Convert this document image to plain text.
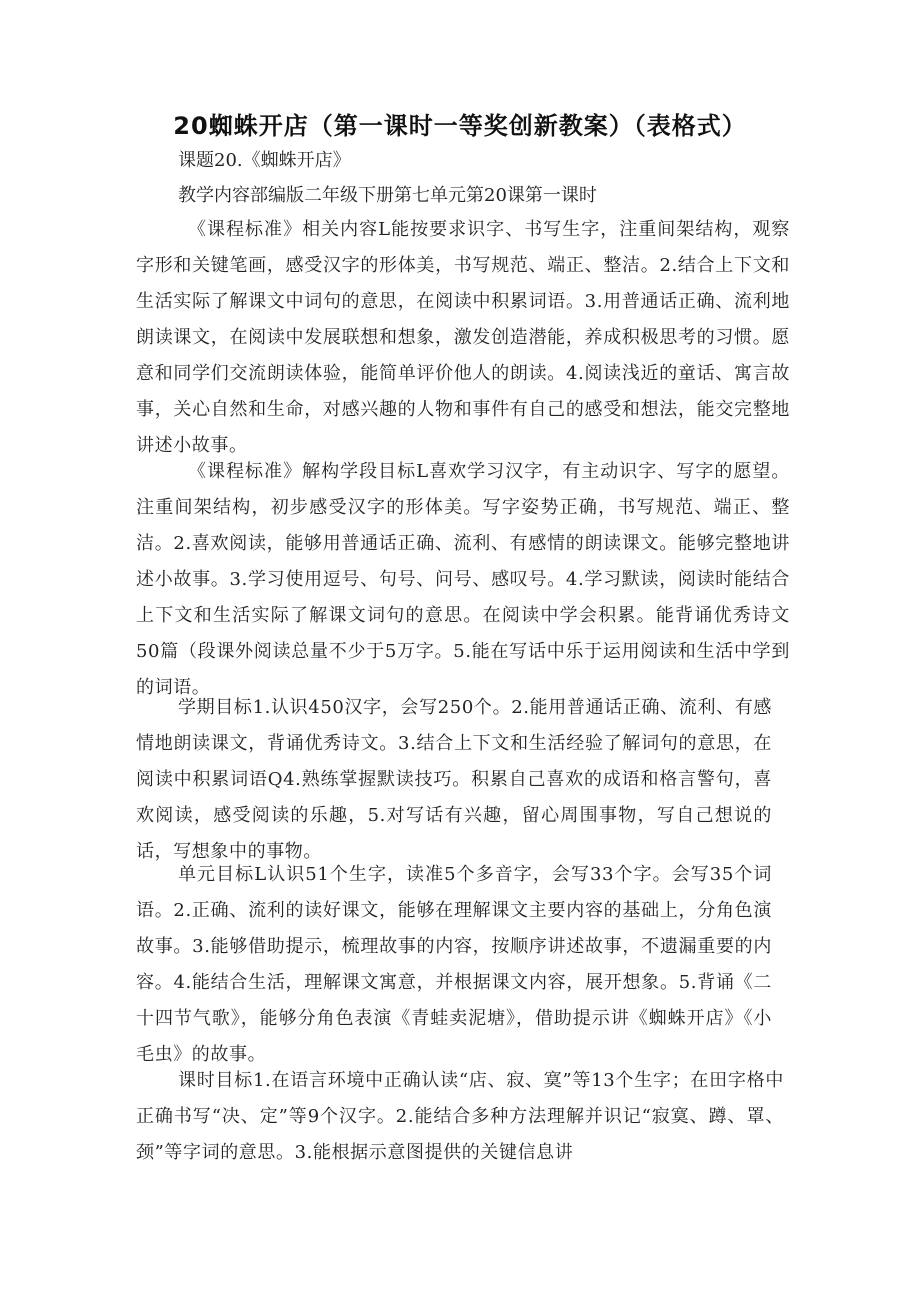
20蜘蛛开店（第一课时一等奖创新教案）（表格式）
课题20.《蜘蛛开店》
教学内容部编版二年级下册第七单元第20课第一课时

《课程标准》相关内容L能按要求识字、书写生字，注重间架结构，观察字形和关键笔画，感受汉字的形体美，书写规范、端正、整洁。2.结合上下文和生活实际了解课文中词句的意思，在阅读中积累词语。3.用普通话正确、流利地朗读课文，在阅读中发展联想和想象，激发创造潜能，养成积极思考的习惯。愿意和同学们交流朗读体验，能简单评价他人的朗读。4.阅读浅近的童话、寓言故事，关心自然和生命，对感兴趣的人物和事件有自己的感受和想法，能交完整地讲述小故事。

《课程标准》解构学段目标L喜欢学习汉字，有主动识字、写字的愿望。注重间架结构，初步感受汉字的形体美。写字姿势正确，书写规范、端正、整洁。2.喜欢阅读，能够用普通话正确、流利、有感情的朗读课文。能够完整地讲述小故事。3.学习使用逗号、句号、问号、感叹号。4.学习默读，阅读时能结合上下文和生活实际了解课文词句的意思。在阅读中学会积累。能背诵优秀诗文50篇（段课外阅读总量不少于5万字。5.能在写话中乐于运用阅读和生活中学到的词语。

学期目标1.认识450汉字，会写250个。2.能用普通话正确、流利、有感情地朗读课文，背诵优秀诗文。3.结合上下文和生活经验了解词句的意思，在阅读中积累词语Q4.熟练掌握默读技巧。积累自己喜欢的成语和格言警句，喜欢阅读，感受阅读的乐趣，5.对写话有兴趣，留心周围事物，写自己想说的话，写想象中的事物。

单元目标L认识51个生字，读准5个多音字，会写33个字。会写35个词语。2.正确、流利的读好课文，能够在理解课文主要内容的基础上，分角色演故事。3.能够借助提示，梳理故事的内容，按顺序讲述故事，不遗漏重要的内容。4.能结合生活，理解课文寓意，并根据课文内容，展开想象。5.背诵《二十四节气歌》，能够分角色表演《青蛙卖泥塘》，借助提示讲《蜘蛛开店》《小毛虫》的故事。

课时目标1.在语言环境中正确认读“店、寂、寞”等13个生字；在田字格中正确书写“决、定”等9个汉字。2.能结合多种方法理解并识记“寂寞、蹲、罩、颈”等字词的意思。3.能根据示意图提供的关键信息讲
